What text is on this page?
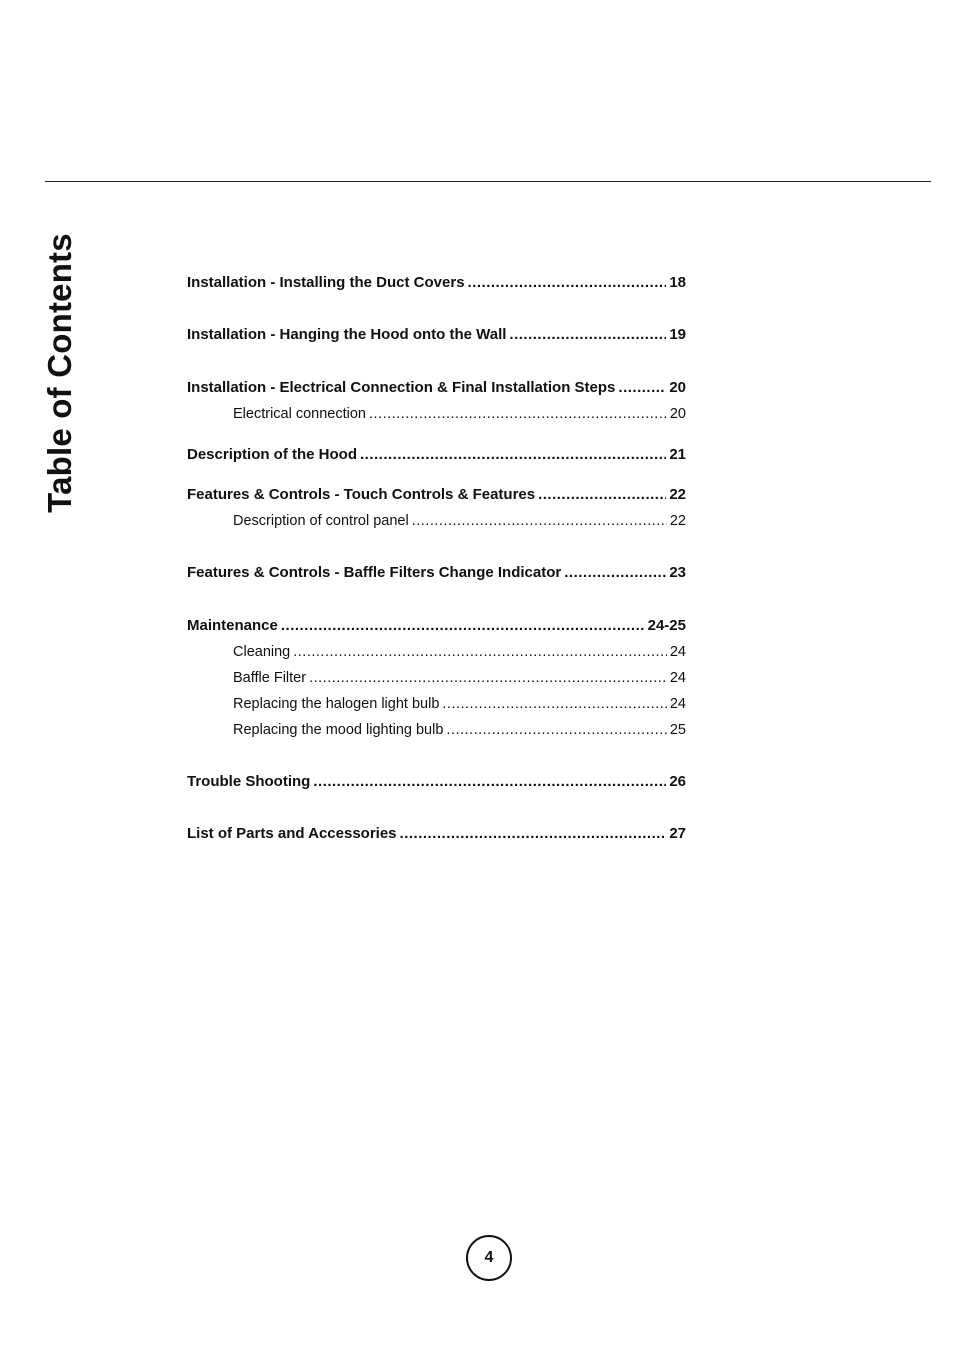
Table of Contents	Installation - Installing the Duct Covers .....	18
Installation - Hanging the Hood onto the Wall .....	19
Installation - Electrical Connection & Final Installation Steps .....	20
Electrical connection .....	20
Description of the Hood .....	21
Features & Controls - Touch Controls & Features .....	22
Description of control panel .....	22
Features & Controls - Baffle Filters Change Indicator .....	23
Maintenance .....	24-25
Cleaning .....	24
Baffle Filter .....	24
Replacing the halogen light bulb .....	24
Replacing the mood lighting bulb .....	25
Trouble Shooting .....	26
List of Parts and Accessories .....	27
4
